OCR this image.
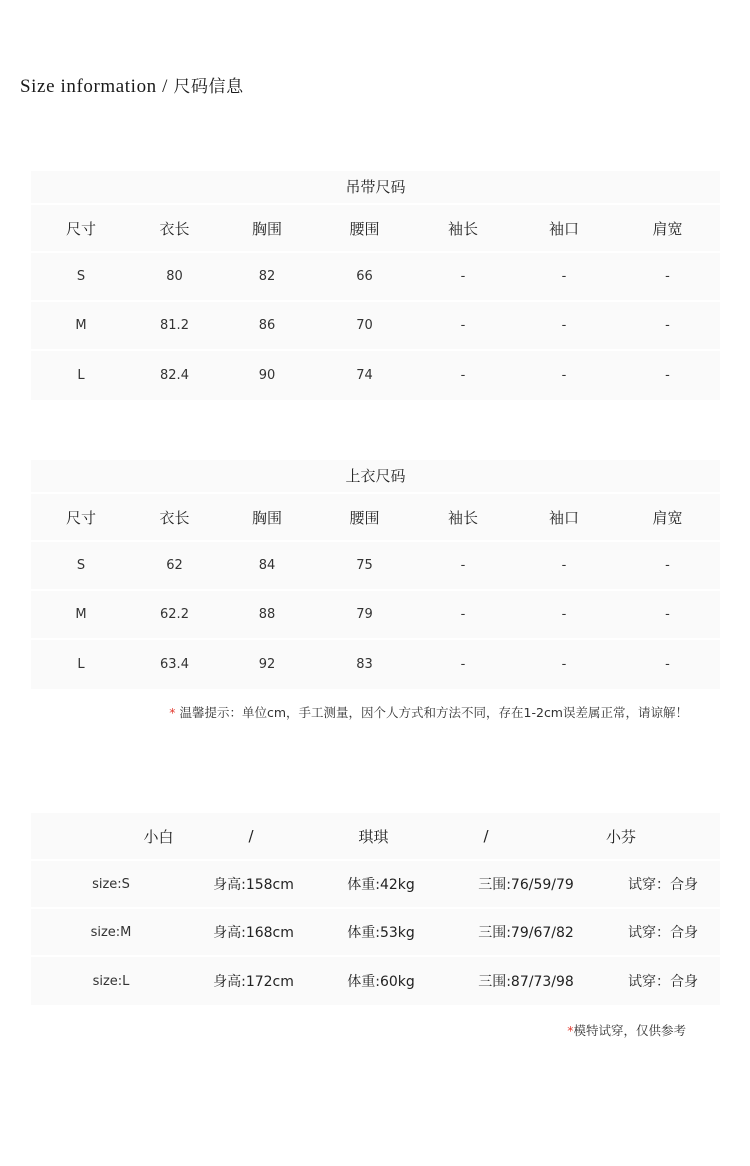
Size information / 尺码信息
吊带尺码
尺寸	衣长	胸围	腰围	袖长	袖口	肩宽
S	80	82	66	-	-	-
M	81.2	86	70	-	-	-
L	82.4	90	74	-	-	-
上衣尺码
尺寸	衣长	胸围	腰围	袖长	袖口	肩宽
S	62	84	75	-	-	-
M	62.2	88	79	-	-	-
L	63.4	92	83	-	-	-
* 温馨提示：单位cm，手工测量，因个人方式和方法不同，存在1-2cm误差属正常，请谅解！
小白	/	琪琪	/	小芬
size:S	身高:158cm	体重:42kg	三围:76/59/79	试穿：合身
size:M	身高:168cm	体重:53kg	三围:79/67/82	试穿：合身
size:L	身高:172cm	体重:60kg	三围:87/73/98	试穿：合身
*模特试穿，仅供参考
